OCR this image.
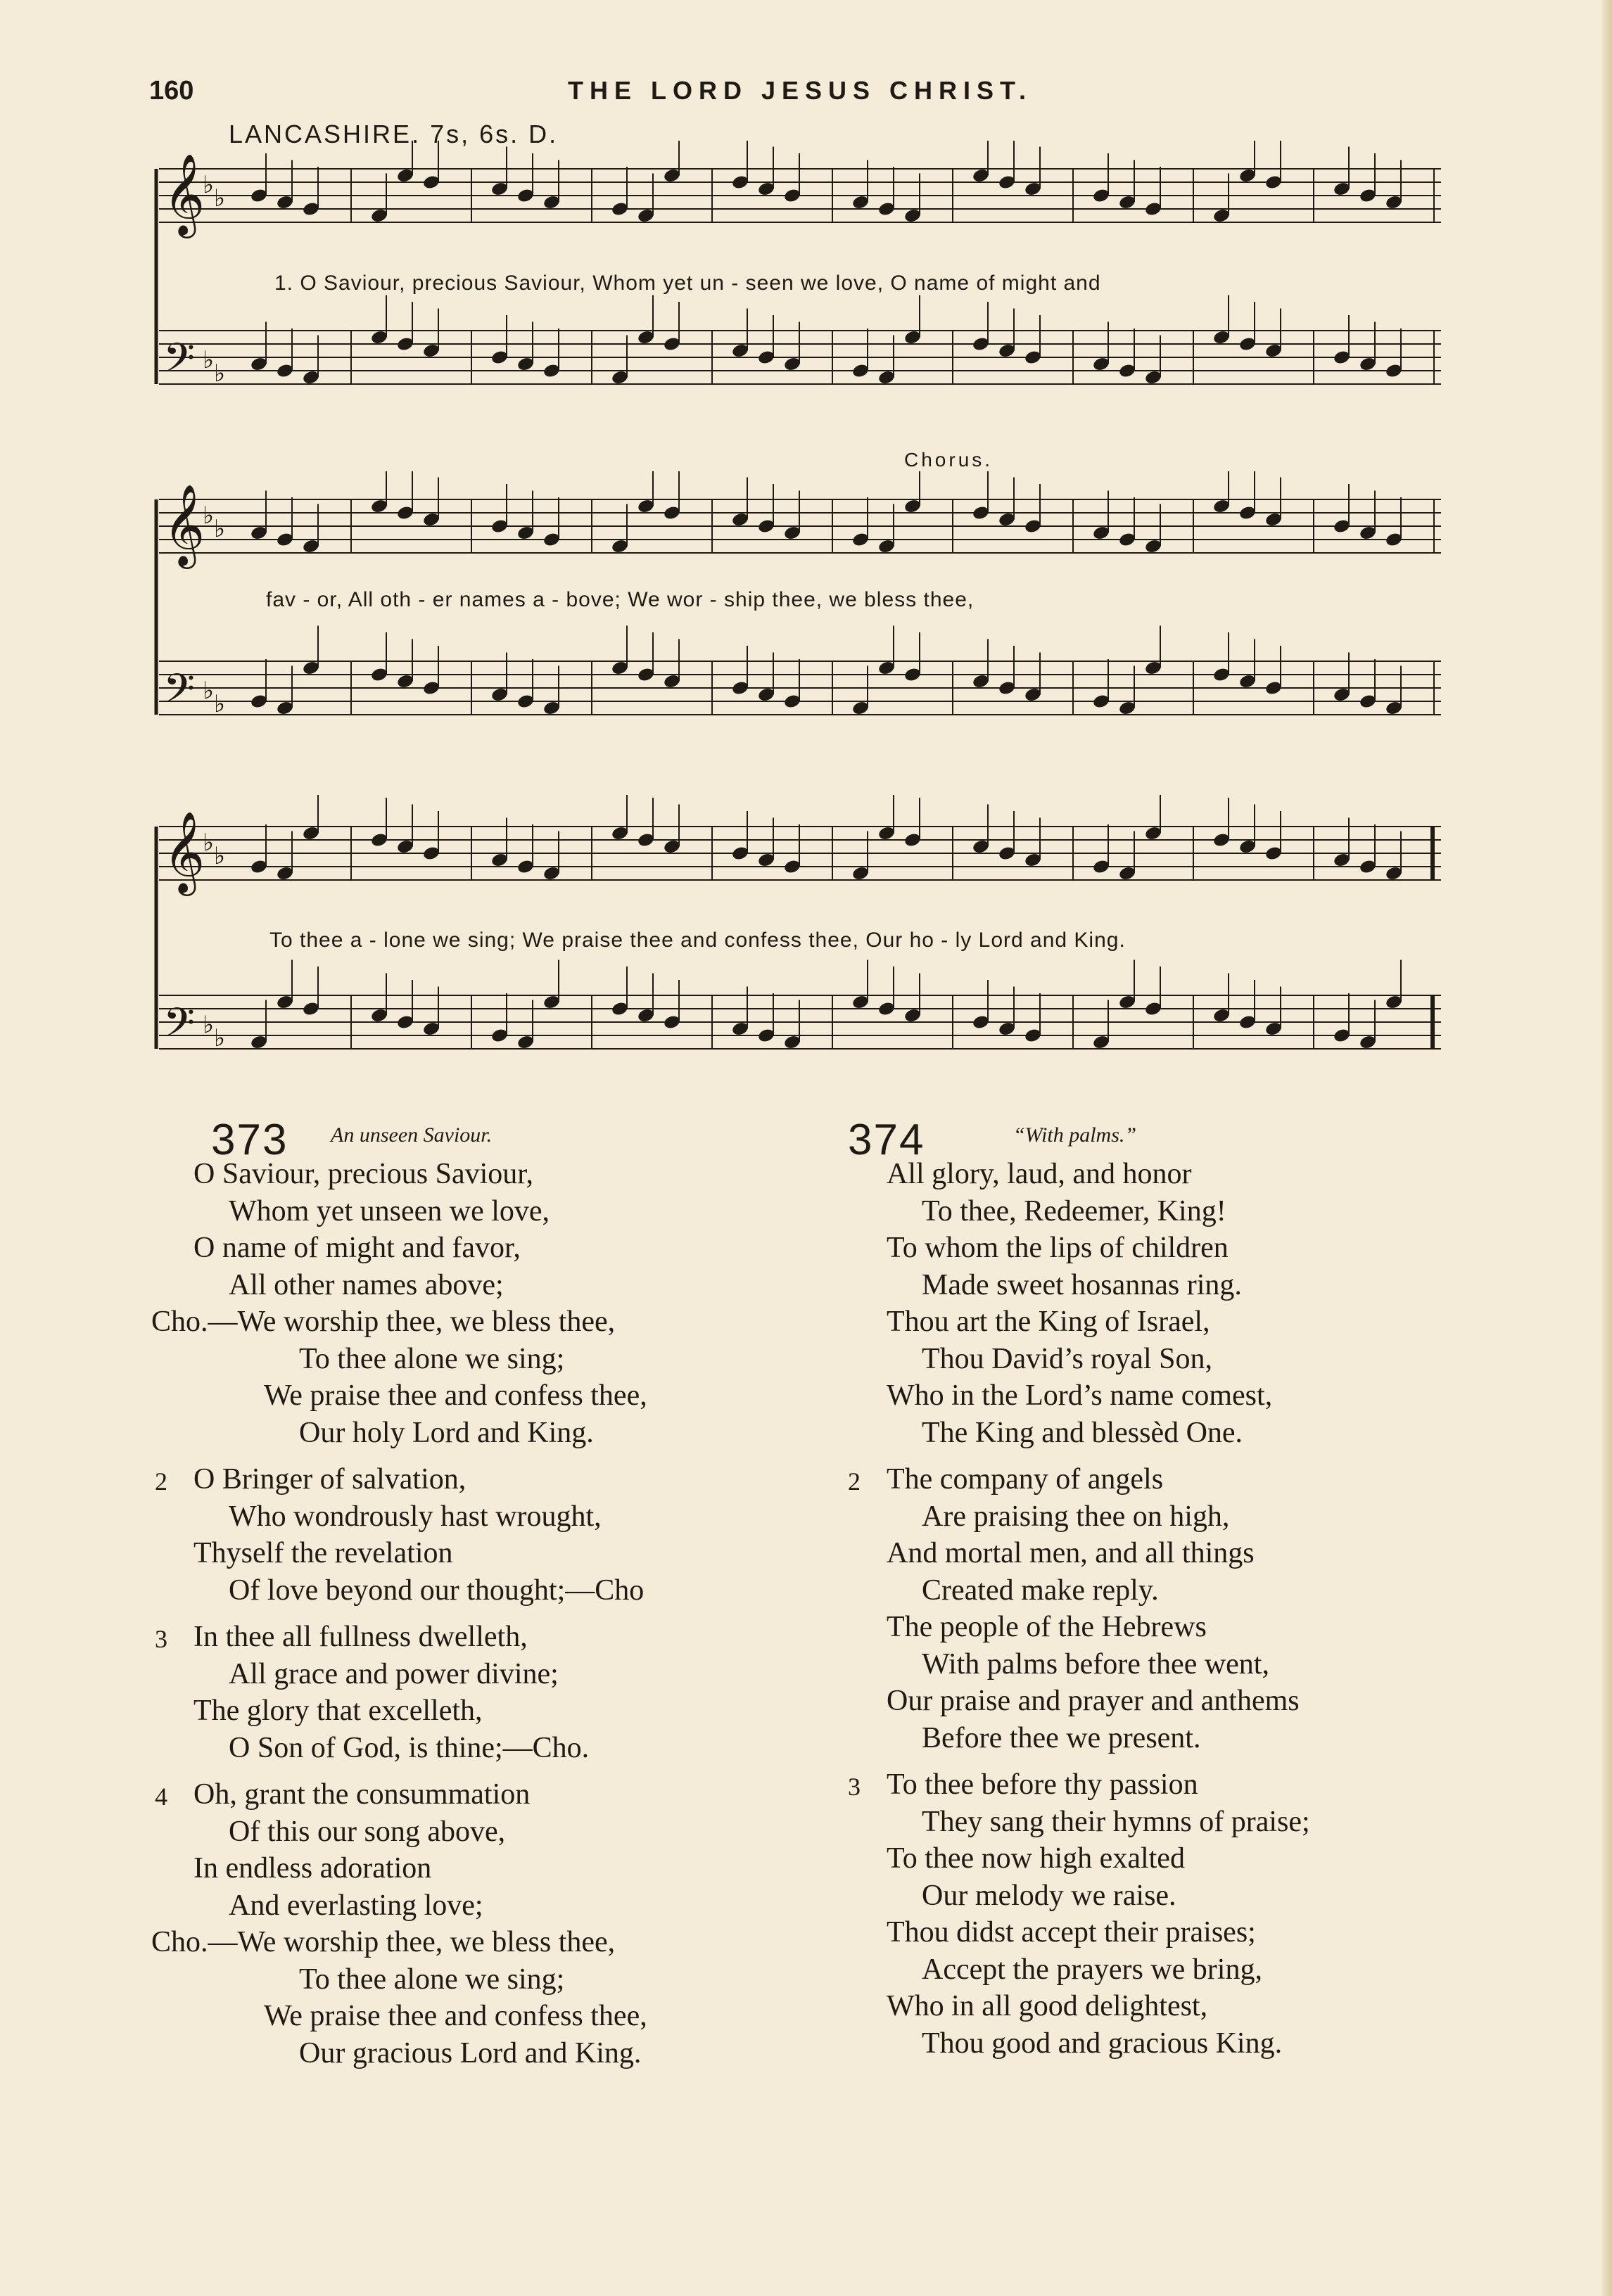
160	THE LORD JESUS CHRIST.
LANCASHIRE. 7s, 6s. D.
𝄞
♭ ♭
𝄢 ♭ ♭
1. O Saviour, precious Saviour, Whom yet un - seen we love, O name of might and
Chorus.
𝄞
♭ ♭
𝄢 ♭ ♭
fav - or, All oth - er names a - bove; We wor - ship thee, we bless thee,
𝄞
♭ ♭
𝄢 ♭ ♭
To thee a - lone we sing; We praise thee and confess thee, Our ho - ly Lord and King.
373 An unseen Saviour.
O Saviour, precious Saviour,
Whom yet unseen we love,
O name of might and favor,
All other names above;
Cho.—We worship thee, we bless thee,
To thee alone we sing;
We praise thee and confess thee,
Our holy Lord and King.
O Bringer of salvation,
2
Who wondrously hast wrought,
Thyself the revelation
Of love beyond our thought;—Cho
In thee all fullness dwelleth,
3
All grace and power divine;
The glory that excelleth,
O Son of God, is thine;—Cho.
Oh, grant the consummation
4
Of this our song above,
In endless adoration
And everlasting love;
Cho.—We worship thee, we bless thee,
To thee alone we sing;
We praise thee and confess thee,
Our gracious Lord and King.
374	“With palms.”
All glory, laud, and honor
To thee, Redeemer, King!
To whom the lips of children
Made sweet hosannas ring.
Thou art the King of Israel,
Thou David’s royal Son,
Who in the Lord’s name comest,
The King and blessèd One.
The company of angels
2
Are praising thee on high,
And mortal men, and all things
Created make reply.
The people of the Hebrews
With palms before thee went,
Our praise and prayer and anthems
Before thee we present.
To thee before thy passion
3
They sang their hymns of praise;
To thee now high exalted
Our melody we raise.
Thou didst accept their praises;
Accept the prayers we bring,
Who in all good delightest,
Thou good and gracious King.
